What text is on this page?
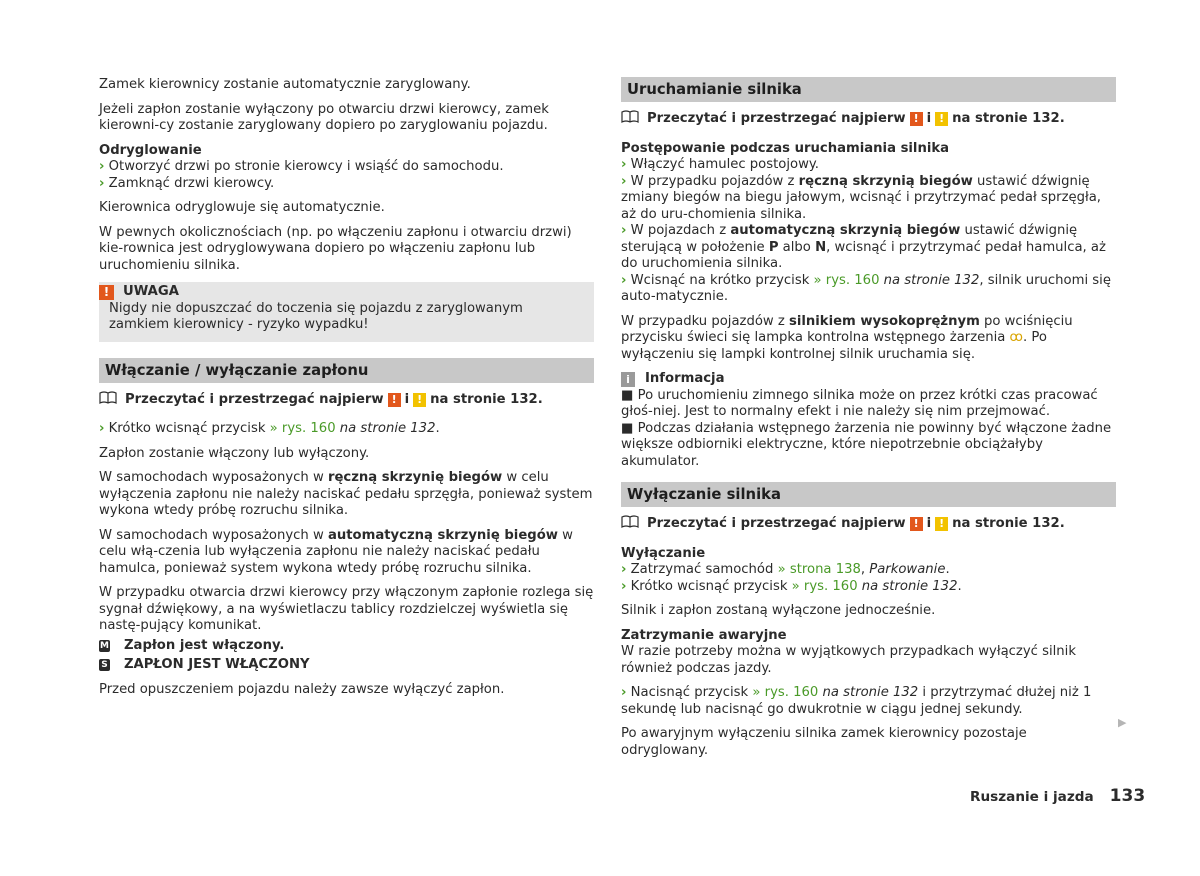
Zamek kierownicy zostanie automatycznie zaryglowany.

Jeżeli zapłon zostanie wyłączony po otwarciu drzwi kierowcy, zamek kierowni-cy zostanie zaryglowany dopiero po zaryglowaniu pojazdu.

Odryglowanie
› Otworzyć drzwi po stronie kierowcy i wsiąść do samochodu.
› Zamknąć drzwi kierowcy.

Kierownica odryglowuje się automatycznie.

W pewnych okolicznościach (np. po włączeniu zapłonu i otwarciu drzwi) kie-rownica jest odryglowywana dopiero po włączeniu zapłonu lub uruchomieniu silnika.

!	UWAGA
Nigdy nie dopuszczać do toczenia się pojazdu z zaryglowanym zamkiem kierownicy - ryzyko wypadku!
Włączanie / wyłączanie zapłonu
Przeczytać i przestrzegać najpierw ! i ! na stronie 132.

› Krótko wcisnąć przycisk » rys. 160 na stronie 132.

Zapłon zostanie włączony lub wyłączony.

W samochodach wyposażonych w ręczną skrzynię biegów w celu wyłączenia zapłonu nie należy naciskać pedału sprzęgła, ponieważ system wykona wtedy próbę rozruchu silnika.

W samochodach wyposażonych w automatyczną skrzynię biegów w celu włą-czenia lub wyłączenia zapłonu nie należy naciskać pedału hamulca, ponieważ system wykona wtedy próbę rozruchu silnika.

W przypadku otwarcia drzwi kierowcy przy włączonym zapłonie rozlega się sygnał dźwiękowy, a na wyświetlaczu tablicy rozdzielczej wyświetla się nastę-pujący komunikat.

M Zapłon jest włączony.
S ZAPŁON JEST WŁĄCZONY

Przed opuszczeniem pojazdu należy zawsze wyłączyć zapłon.

Uruchamianie silnika
Przeczytać i przestrzegać najpierw ! i ! na stronie 132.
Postępowanie podczas uruchamiania silnika
› Włączyć hamulec postojowy.
› W przypadku pojazdów z ręczną skrzynią biegów ustawić dźwignię zmiany biegów na biegu jałowym, wcisnąć i przytrzymać pedał sprzęgła, aż do uru-chomienia silnika.
› W pojazdach z automatyczną skrzynią biegów ustawić dźwignię sterującą w położenie P albo N, wcisnąć i przytrzymać pedał hamulca, aż do uruchomienia silnika.
› Wcisnąć na krótko przycisk » rys. 160 na stronie 132, silnik uruchomi się auto-matycznie.

W przypadku pojazdów z silnikiem wysokoprężnym po wciśnięciu przycisku świeci się lampka kontrolna wstępnego żarzenia ꝏ. Po wyłączeniu się lampki kontrolnej silnik uruchamia się.

i	Informacja
■ Po uruchomieniu zimnego silnika może on przez krótki czas pracować głoś-niej. Jest to normalny efekt i nie należy się nim przejmować.
■ Podczas działania wstępnego żarzenia nie powinny być włączone żadne większe odbiorniki elektryczne, które niepotrzebnie obciążałyby akumulator.
Wyłączanie silnika
Przeczytać i przestrzegać najpierw ! i ! na stronie 132.
Wyłączanie
› Zatrzymać samochód » strona 138, Parkowanie.
› Krótko wcisnąć przycisk » rys. 160 na stronie 132.

Silnik i zapłon zostaną wyłączone jednocześnie.

Zatrzymanie awaryjne

W razie potrzeby można w wyjątkowych przypadkach wyłączyć silnik również podczas jazdy.

› Nacisnąć przycisk » rys. 160 na stronie 132 i przytrzymać dłużej niż 1 sekundę lub nacisnąć go dwukrotnie w ciągu jednej sekundy.

Po awaryjnym wyłączeniu silnika zamek kierownicy pozostaje odryglowany.

▶
Ruszanie i jazda 133
